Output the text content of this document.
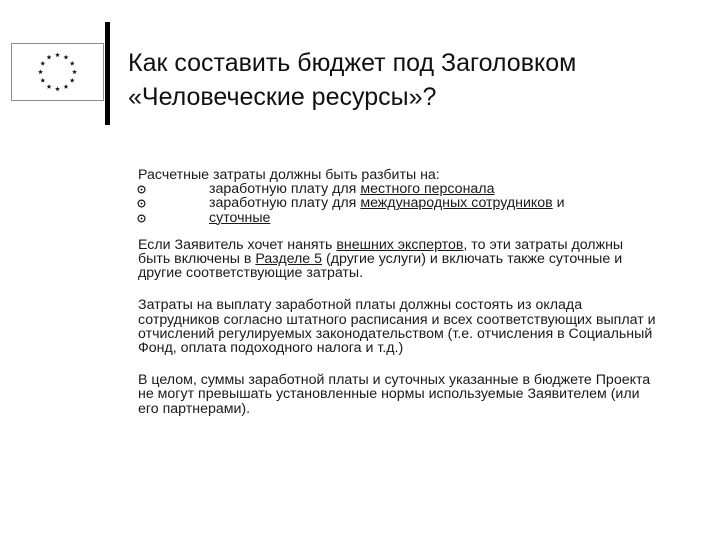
Как составить бюджет под Заголовком
«Человеческие ресурсы»?

Расчетные затраты должны быть разбиты на:

заработную плату для местного персонала
заработную плату для международных сотрудников и
суточные

Если Заявитель хочет нанять внешних экспертов, то эти затраты должны быть включены в Разделе 5 (другие услуги) и включать также суточные и другие соответствующие затраты.

Затраты на выплату заработной платы должны состоять из оклада сотрудников согласно штатного расписания и всех соответствующих выплат и отчислений регулируемых законодательством (т.е. отчисления в Социальный Фонд, оплата подоходного налога и т.д.)

В целом, суммы заработной платы и суточных указанные в бюджете Проекта не могут превышать установленные нормы используемые Заявителем (или его партнерами).
